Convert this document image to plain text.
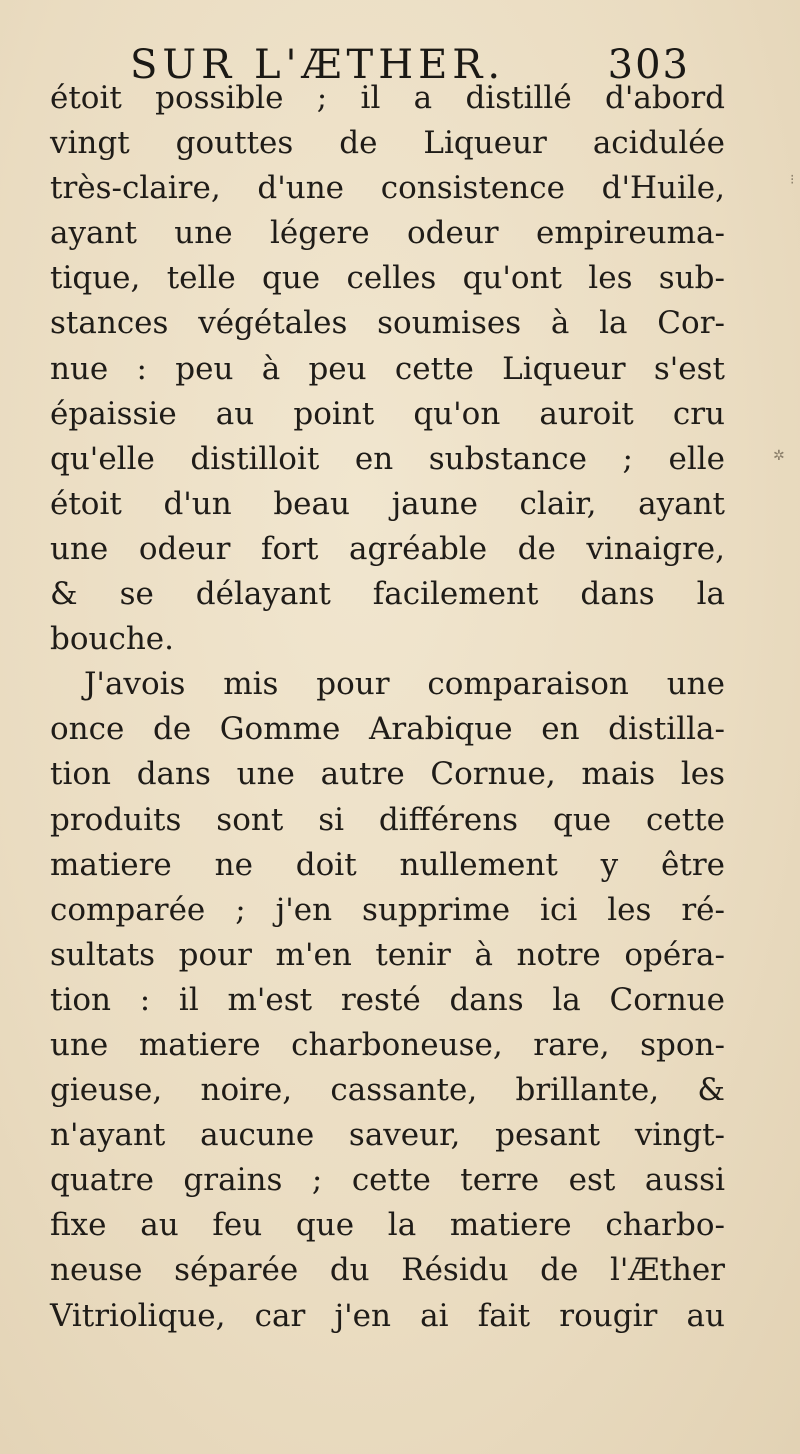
SUR L'ÆTHER.	303
étoit possible ; il a distillé d'abord
vingt gouttes de Liqueur acidulée
très-claire, d'une consistence d'Huile,
ayant une légere odeur empireuma-
tique, telle que celles qu'ont les sub-
stances végétales soumises à la Cor-
nue : peu à peu cette Liqueur s'est
épaissie au point qu'on auroit cru
qu'elle distilloit en substance ; elle
étoit d'un beau jaune clair, ayant
une odeur fort agréable de vinaigre,
& se délayant facilement dans la
bouche.
J'avois mis pour comparaison une
once de Gomme Arabique en distilla-
tion dans une autre Cornue, mais les
produits sont si différens que cette
matiere ne doit nullement y être
comparée ; j'en supprime ici les ré-
sultats pour m'en tenir à notre opéra-
tion : il m'est resté dans la Cornue
une matiere charboneuse, rare, spon-
gieuse, noire, cassante, brillante, &
n'ayant aucune saveur, pesant vingt-
quatre grains ; cette terre est aussi
fixe au feu que la matiere charbo-
neuse séparée du Résidu de l'Æther
Vitriolique, car j'en ai fait rougir au
⁝
✲
